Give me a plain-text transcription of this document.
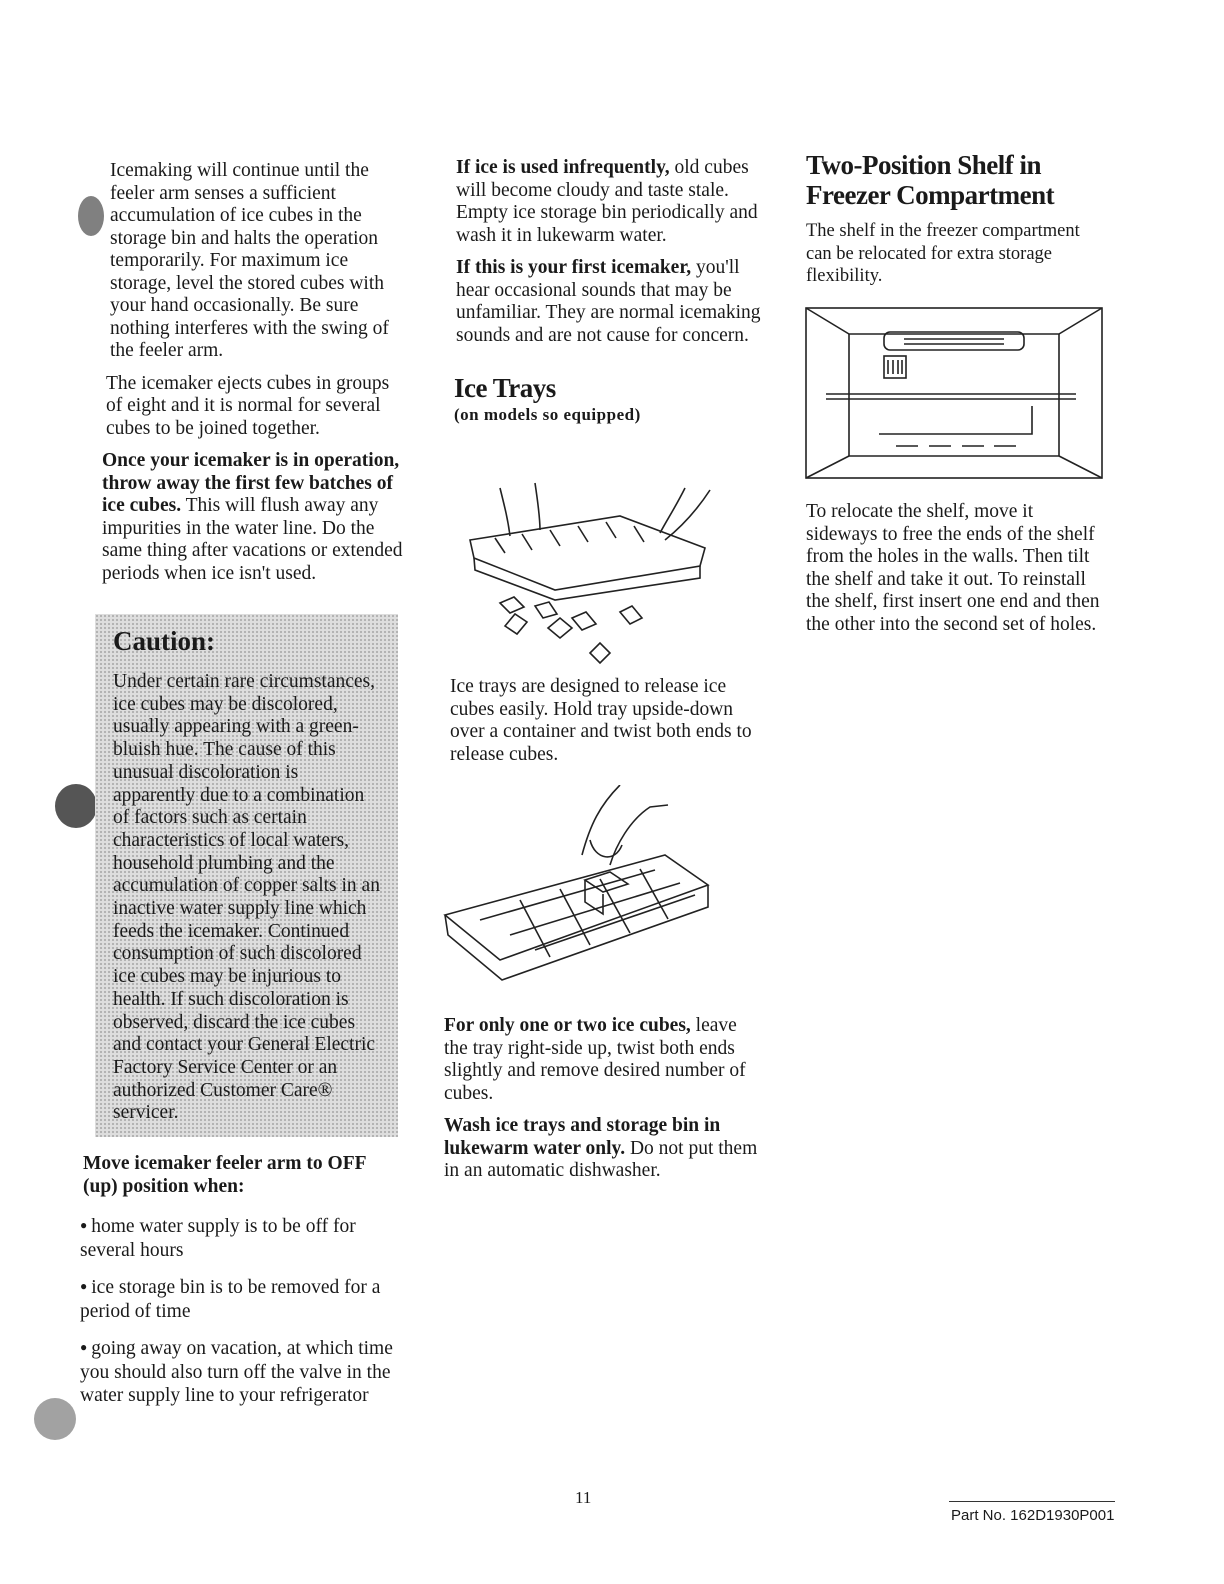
Icemaking will continue until the feeler arm senses a sufficient accumulation of ice cubes in the storage bin and halts the operation temporarily. For maximum ice storage, level the stored cubes with your hand occasionally. Be sure nothing interferes with the swing of the feeler arm.

The icemaker ejects cubes in groups of eight and it is normal for several cubes to be joined together.

Once your icemaker is in operation, throw away the first few batches of ice cubes. This will flush away any impurities in the water line. Do the same thing after vacations or extended periods when ice isn't used.

Caution:
Under certain rare circumstances, ice cubes may be discolored, usually appearing with a green-bluish hue. The cause of this unusual discoloration is apparently due to a combination of factors such as certain characteristics of local waters, household plumbing and the accumulation of copper salts in an inactive water supply line which feeds the icemaker. Continued consumption of such discolored ice cubes may be injurious to health. If such discoloration is observed, discard the ice cubes and contact your General Electric Factory Service Center or an authorized Customer Care® servicer.

Move icemaker feeler arm to OFF (up) position when:

● home water supply is to be off for several hours

● ice storage bin is to be removed for a period of time

● going away on vacation, at which time you should also turn off the valve in the water supply line to your refrigerator

If ice is used infrequently, old cubes will become cloudy and taste stale. Empty ice storage bin periodically and wash it in lukewarm water.

If this is your first icemaker, you'll hear occasional sounds that may be unfamiliar. They are normal icemaking sounds and are not cause for concern.

Ice Trays
(on models so equipped)

Ice trays are designed to release ice cubes easily. Hold tray upside-down over a container and twist both ends to release cubes.

For only one or two ice cubes, leave the tray right-side up, twist both ends slightly and remove desired number of cubes.

Wash ice trays and storage bin in lukewarm water only. Do not put them in an automatic dishwasher.

Two-Position Shelf in Freezer Compartment

The shelf in the freezer compartment can be relocated for extra storage flexibility.

To relocate the shelf, move it sideways to free the ends of the shelf from the holes in the walls. Then tilt the shelf and take it out. To reinstall the shelf, first insert one end and then the other into the second set of holes.

11
Part No. 162D1930P001
